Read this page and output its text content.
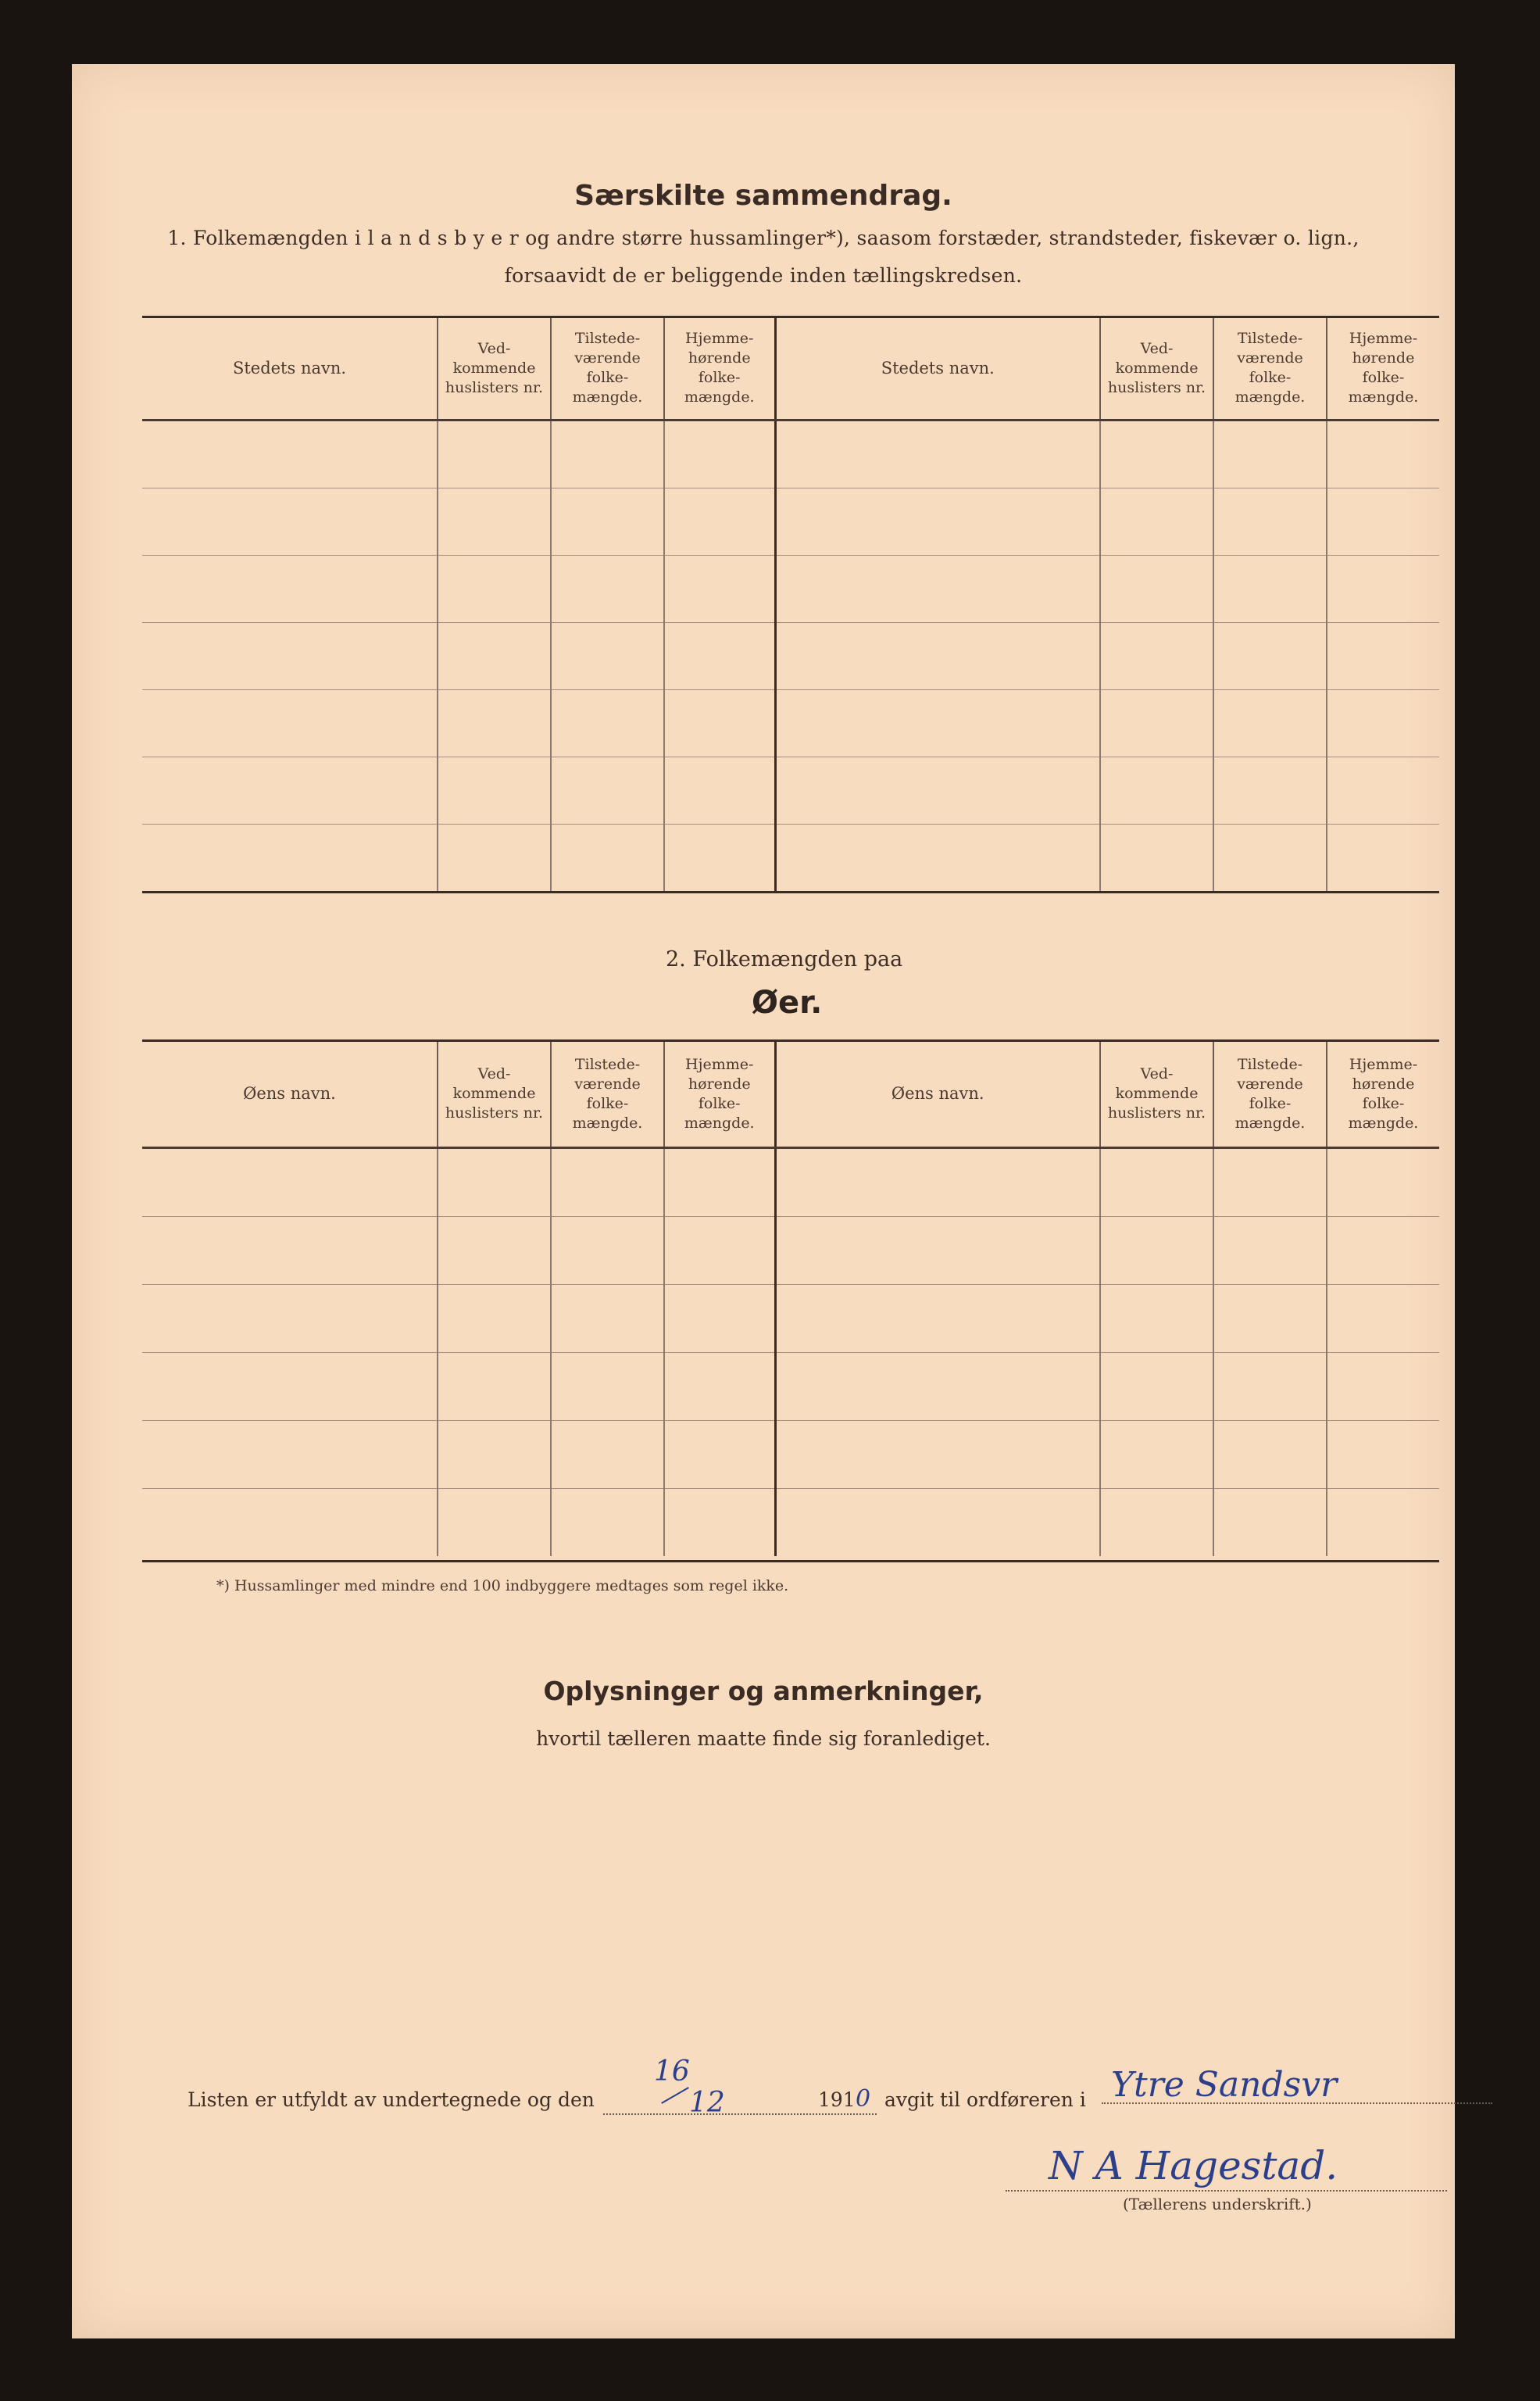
Særskilte sammendrag.
1. Folkemængden i l a n d s b y e r og andre større hussamlinger*), saasom forstæder, strandsteder, fiskevær o. lign.,
forsaavidt de er beliggende inden tællingskredsen.
Stedets navn.	Ved- kommende huslisters nr.	Tilstede- værende folke- mængde.	Hjemme- hørende folke- mængde.	Stedets navn.	Ved- kommende huslisters nr.	Tilstede- værende folke- mængde.	Hjemme- hørende folke- mængde.

2. Folkemængden paa
Øer.
Øens navn.	Ved- kommende huslisters nr.	Tilstede- værende folke- mængde.	Hjemme- hørende folke- mængde.	Øens navn.	Ved- kommende huslisters nr.	Tilstede- værende folke- mængde.	Hjemme- hørende folke- mængde.

*) Hussamlinger med mindre end 100 indbyggere medtages som regel ikke.
Oplysninger og anmerkninger,
hvortil tælleren maatte finde sig foranlediget.
Listen er utfyldt av undertegnede og den
16
12	191 0 avgit til ordføreren i Ytre Sandsvr
N A Hagestad.
(Tællerens underskrift.)
